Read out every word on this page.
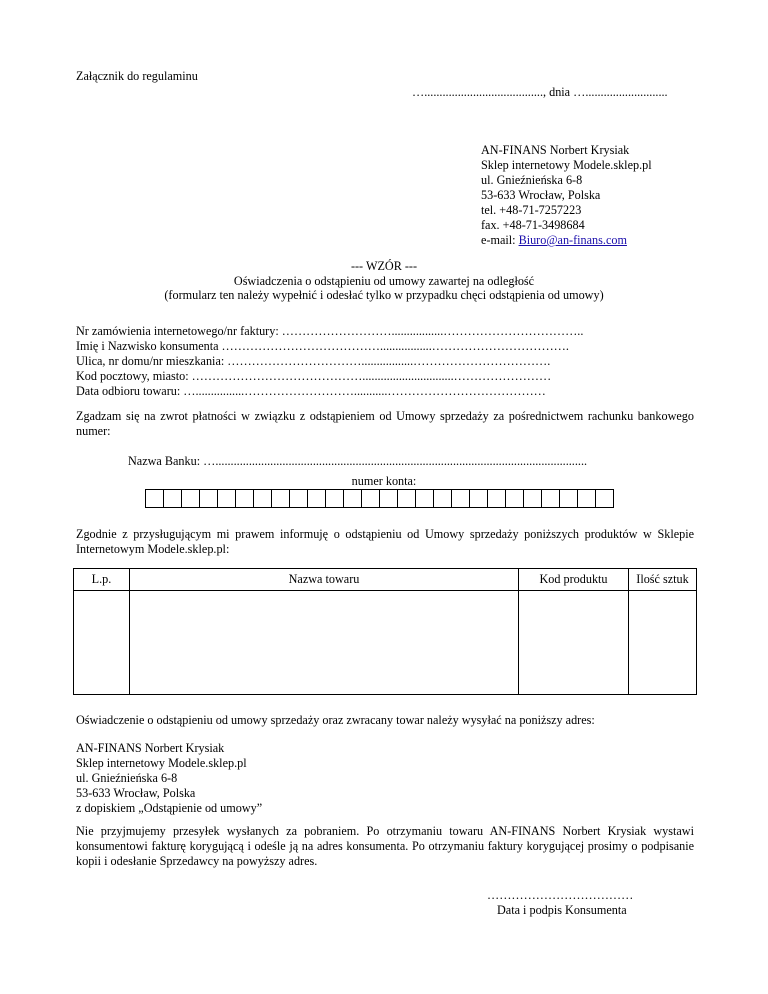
Załącznik do regulaminu
…......................................., dnia …...........................
AN-FINANS Norbert Krysiak
Sklep internetowy Modele.sklep.pl
ul. Gnieźnieńska 6-8
53-633 Wrocław, Polska
tel. +48-71-7257223
fax. +48-71-3498684
e-mail: Biuro@an-finans.com
--- WZÓR ---
Oświadczenia o odstąpieniu od umowy zawartej na odległość
(formularz ten należy wypełnić i odesłać tylko w przypadku chęci odstąpienia od umowy)
Nr zamówienia internetowego/nr faktury: ……………………….................……………………………..
Imię i Nazwisko konsumenta ………………………………….................…………………………….
Ulica, nr domu/nr mieszkania: …………………………….................…………………………….
Kod pocztowy, miasto: ……………………………………..............................……………………
Data odbioru towaru: …................………………………...........…………………………………
Zgadzam się na zwrot płatności w związku z odstąpieniem od Umowy sprzedaży za pośrednictwem rachunku bankowego numer:
Nazwa Banku: …..........................................................................................................................
numer konta:
Zgodnie z przysługującym mi prawem informuję o odstąpieniu od Umowy sprzedaży poniższych produktów w Sklepie Internetowym Modele.sklep.pl:
L.p.	Nazwa towaru	Kod produktu	Ilość sztuk

Oświadczenie o odstąpieniu od umowy sprzedaży oraz zwracany towar należy wysyłać na poniższy adres:
AN-FINANS Norbert Krysiak
Sklep internetowy Modele.sklep.pl
ul. Gnieźnieńska 6-8
53-633 Wrocław, Polska
z dopiskiem „Odstąpienie od umowy”
Nie przyjmujemy przesyłek wysłanych za pobraniem. Po otrzymaniu towaru AN-FINANS Norbert Krysiak wystawi konsumentowi fakturę korygującą i odeśle ją na adres konsumenta. Po otrzymaniu faktury korygującej prosimy o podpisanie kopii i odesłanie Sprzedawcy na powyższy adres.
………………………………
Data i podpis Konsumenta
